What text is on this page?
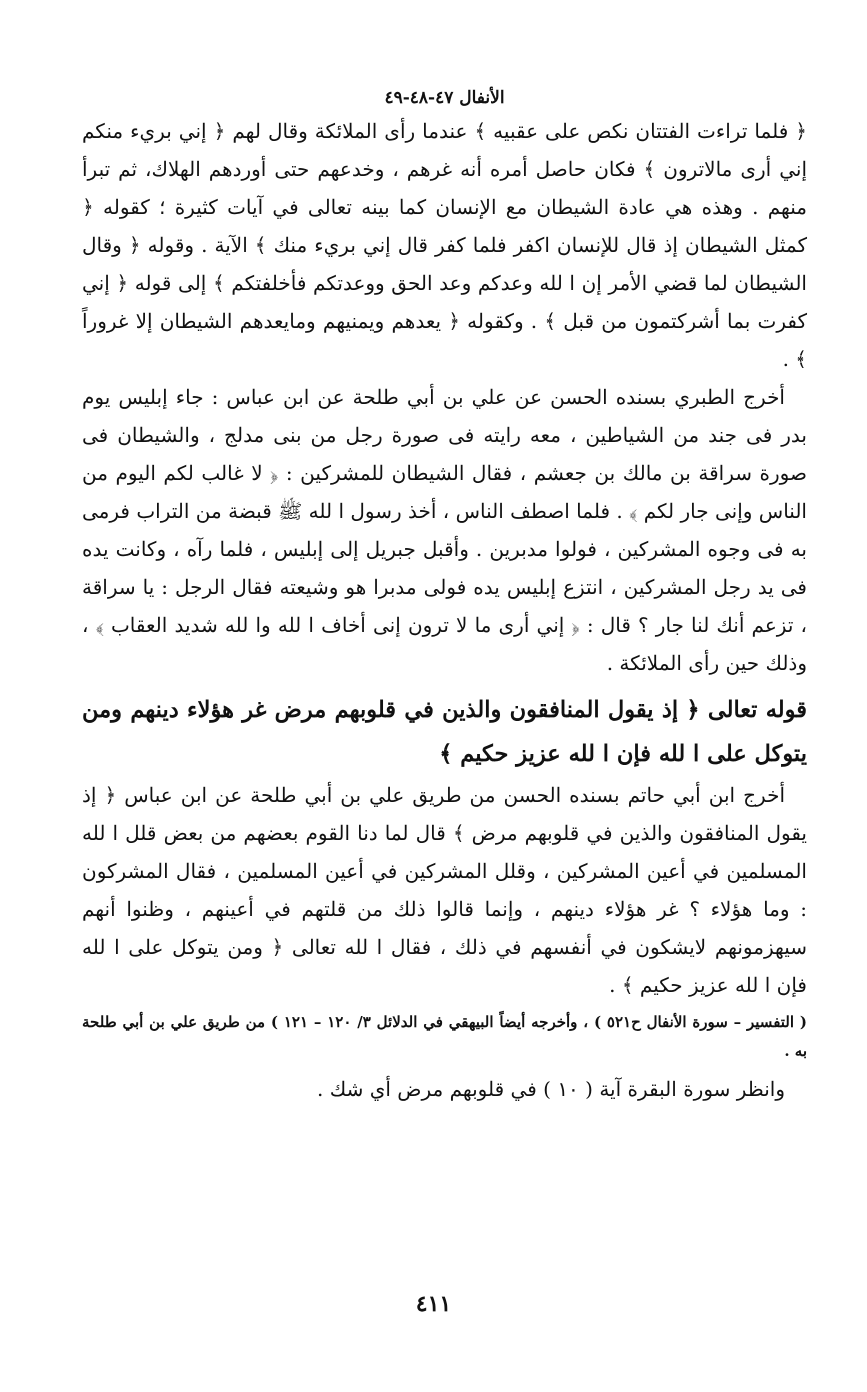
الأنفال ٤٧-٤٨-٤٩

﴿ فلما تراءت الفتتان نكص على عقبيه ﴾ عندما رأى الملائكة وقال لهم ﴿ إني بريء منكم إني أرى مالاترون ﴾ فكان حاصل أمره أنه غرهم ، وخدعهم حتى أوردهم الهلاك، ثم تبرأ منهم . وهذه هي عادة الشيطان مع الإنسان كما بينه تعالى في آيات كثيرة ؛ كقوله ﴿ كمثل الشيطان إذ قال للإنسان اكفر فلما كفر قال إني بريء منك ﴾ الآية . وقوله ﴿ وقال الشيطان لما قضي الأمر إن ا لله وعدكم وعد الحق ووعدتكم فأخلفتكم ﴾ إلى قوله ﴿ إني كفرت بما أشركتمون من قبل ﴾ . وكقوله ﴿ يعدهم ويمنيهم ومايعدهم الشيطان إلا غروراً ﴾ .

أخرج الطبري بسنده الحسن عن علي بن أبي طلحة عن ابن عباس : جاء إبليس يوم بدر فى جند من الشياطين ، معه رايته فى صورة رجل من بنى مدلج ، والشيطان فى صورة سراقة بن مالك بن جعشم ، فقال الشيطان للمشركين : ﴿ لا غالب لكم اليوم من الناس وإنى جار لكم ﴾ . فلما اصطف الناس ، أخذ رسول ا لله ﷺ قبضة من التراب فرمى به فى وجوه المشركين ، فولوا مدبرين . وأقبل جبريل إلى إبليس ، فلما رآه ، وكانت يده فى يد رجل المشركين ، انتزع إبليس يده فولى مدبرا هو وشيعته فقال الرجل : يا سراقة ، تزعم أنك لنا جار ؟ قال : ﴿ إني أرى ما لا ترون إنى أخاف ا لله وا لله شديد العقاب ﴾ ، وذلك حين رأى الملائكة .

قوله تعالى ﴿ إذ يقول المنافقون والذين في قلوبهم مرض غر هؤلاء دينهم ومن يتوكل على ا لله فإن ا لله عزيز حكيم ﴾

أخرج ابن أبي حاتم بسنده الحسن من طريق علي بن أبي طلحة عن ابن عباس ﴿ إذ يقول المنافقون والذين في قلوبهم مرض ﴾ قال لما دنا القوم بعضهم من بعض قلل ا لله المسلمين في أعين المشركين ، وقلل المشركين في أعين المسلمين ، فقال المشركون : وما هؤلاء ؟ غر هؤلاء دينهم ، وإنما قالوا ذلك من قلتهم في أعينهم ، وظنوا أنهم سيهزمونهم لايشكون في أنفسهم في ذلك ، فقال ا لله تعالى ﴿ ومن يتوكل على ا لله فإن ا لله عزيز حكيم ﴾ .

( التفسير – سورة الأنفال ح٥٢١ ) ، وأخرجه أيضاً البيهقي في الدلائل ٣/ ١٢٠ – ١٢١ ) من طريق علي بن أبي طلحة به .

وانظر سورة البقرة آية ( ١٠ ) في قلوبهم مرض أي شك .

٤١١
